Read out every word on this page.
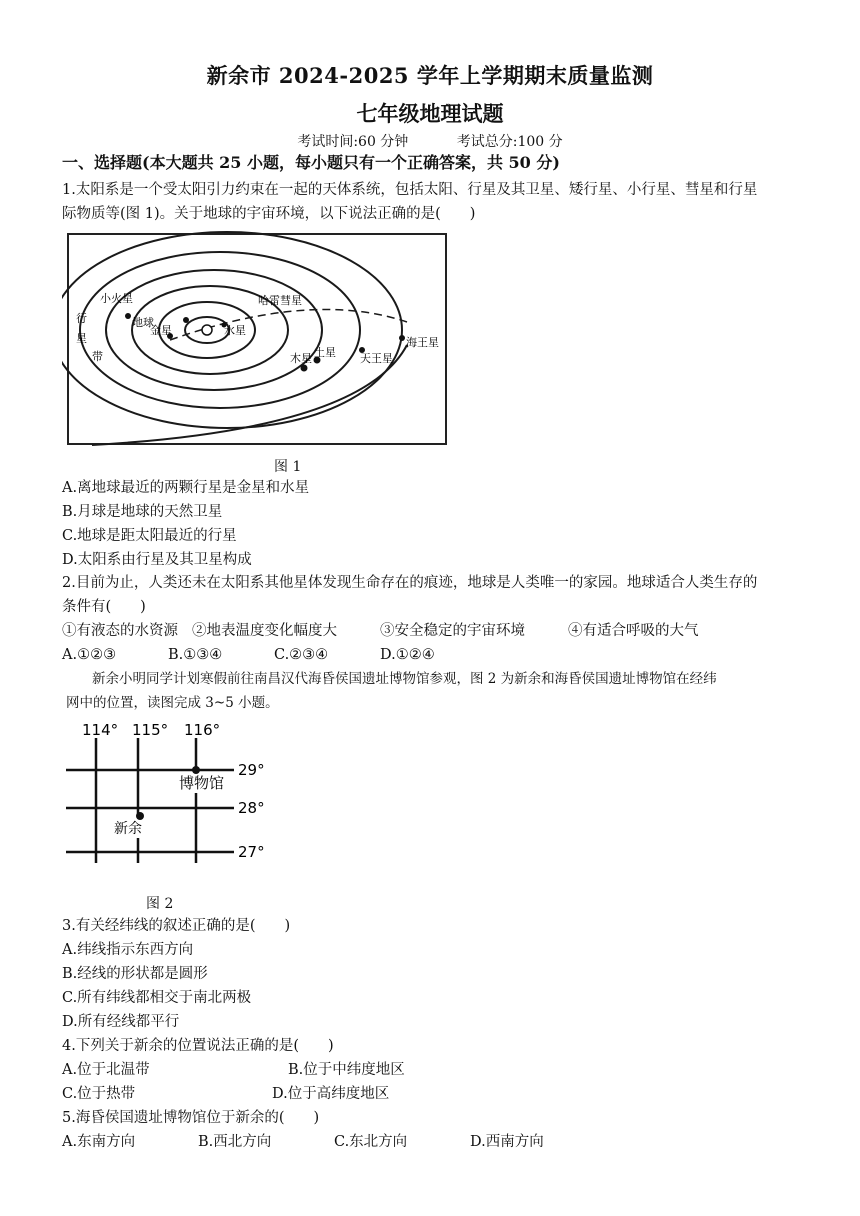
新余市 2024-2025 学年上学期期末质量监测
七年级地理试题
考试时间:60 分钟	考试总分:100 分
一、选择题(本大题共 25 小题，每小题只有一个正确答案，共 50 分)
1.太阳系是一个受太阳引力约束在一起的天体系统，包括太阳、行星及其卫星、矮行星、小行星、彗星和行星
际物质等(图 1)。关于地球的宇宙环境，以下说法正确的是(　　)
小火星
行
星
带
地球
金星	水星
哈雷彗星
木星 土星 天王星
海王星
图 1
A.离地球最近的两颗行星是金星和水星
B.月球是地球的天然卫星
C.地球是距太阳最近的行星
D.太阳系由行星及其卫星构成
2.目前为止，人类还未在太阳系其他星体发现生命存在的痕迹，地球是人类唯一的家园。地球适合人类生存的
条件有(　　)
①有液态的水资源 ②地表温度变化幅度大	③安全稳定的宇宙环境	④有适合呼吸的大气
A.①②③	B.①③④	C.②③④	D.①②④
新余小明同学计划寒假前往南昌汉代海昏侯国遗址博物馆参观，图 2 为新余和海昏侯国遗址博物馆在经纬
网中的位置，读图完成 3~5 小题。
114° 115° 116°
29°
28°
27°
博物馆
新余
图 2
3.有关经纬线的叙述正确的是(　　)
A.纬线指示东西方向
B.经线的形状都是圆形
C.所有纬线都相交于南北两极
D.所有经线都平行
4.下列关于新余的位置说法正确的是(　　)
A.位于北温带	B.位于中纬度地区
C.位于热带	D.位于高纬度地区
5.海昏侯国遗址博物馆位于新余的(　　)
A.东南方向	B.西北方向	C.东北方向	D.西南方向
